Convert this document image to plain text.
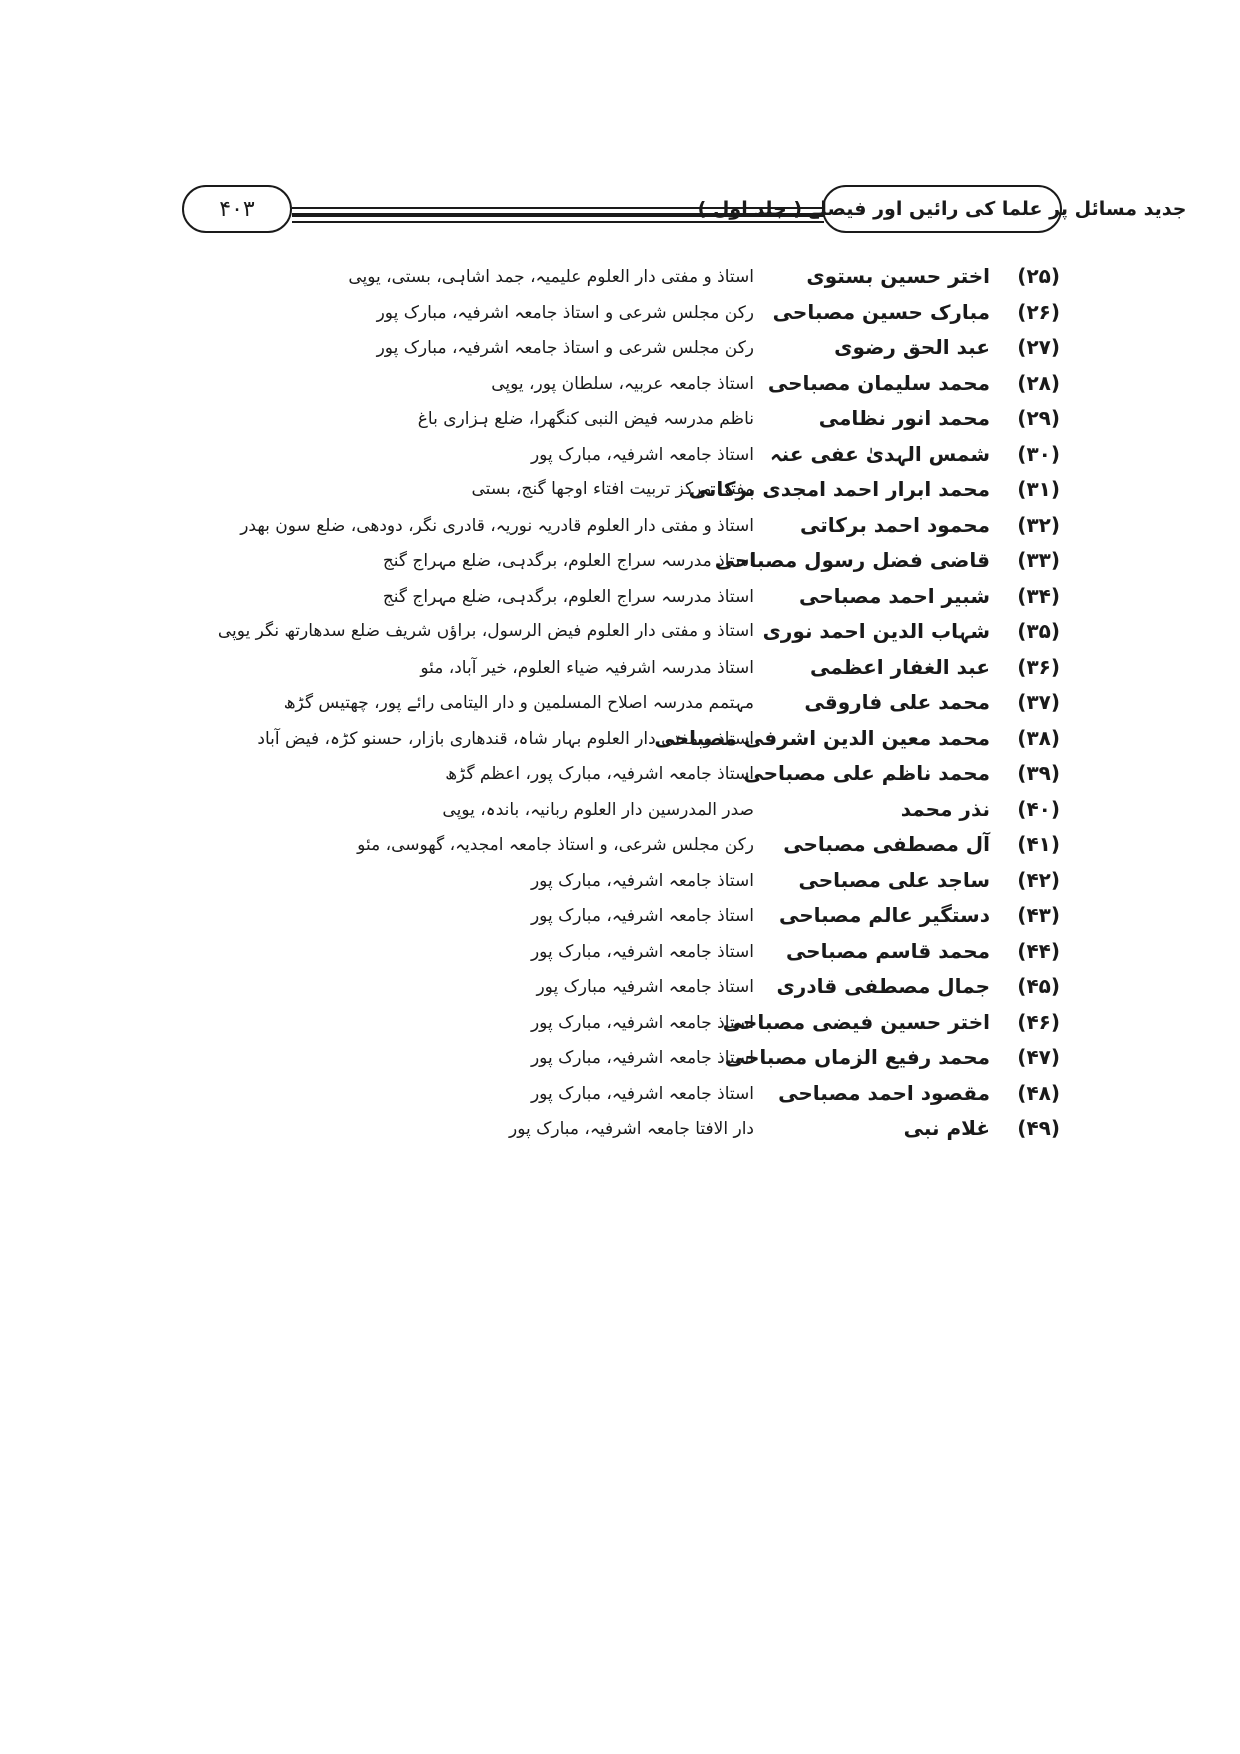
۴۰۳	جدید مسائل پر علما کی رائیں اور فیصلے ( جلد اول )
(۲۵)
اختر حسین بستوی
استاذ و مفتی دار العلوم علیمیہ، جمد اشاہی، بستی، یوپی
(۲۶)
مبارک حسین مصباحی
رکن مجلس شرعی و استاذ جامعہ اشرفیہ، مبارک پور
(۲۷)
عبد الحق رضوی
رکن مجلس شرعی و استاذ جامعہ اشرفیہ، مبارک پور
(۲۸)
محمد سلیمان مصباحی
استاذ جامعہ عربیہ، سلطان پور، یوپی
(۲۹)
محمد انور نظامی
ناظم مدرسہ فیض النبی کنگھرا، ضلع ہزاری باغ
(۳۰)
شمس الہدیٰ عفی عنہ
استاذ جامعہ اشرفیہ، مبارک پور
(۳۱)
محمد ابرار احمد امجدی برکاتی
مفتی مرکز تربیت افتاء اوجھا گنج، بستی
(۳۲)
محمود احمد برکاتی
استاذ و مفتی دار العلوم قادریہ نوریہ، قادری نگر، دودھی، ضلع سون بھدر
(۳۳)
قاضی فضل رسول مصباحی
استاذ مدرسہ سراج العلوم، برگدہی، ضلع مہراج گنج
(۳۴)
شبیر احمد مصباحی
استاذ مدرسہ سراج العلوم، برگدہی، ضلع مہراج گنج
(۳۵)
شہاب الدین احمد نوری
استاذ و مفتی دار العلوم فیض الرسول، براؤں شریف ضلع سدھارتھ نگر یوپی
(۳۶)
عبد الغفار اعظمی
استاذ مدرسہ اشرفیہ ضیاء العلوم، خیر آباد، مئو
(۳۷)
محمد علی فاروقی
مہتمم مدرسہ اصلاح المسلمین و دار الیتامی رائے پور، چھتیس گڑھ
(۳۸)
محمد معین الدین اشرفی مصباحی
استاذ و مفتی دار العلوم بہار شاہ، قندھاری بازار، حسنو کڑہ، فیض آباد
(۳۹)
محمد ناظم علی مصباحی
استاذ جامعہ اشرفیہ، مبارک پور، اعظم گڑھ
(۴۰)
نذر محمد
صدر المدرسین دار العلوم ربانیہ، باندہ، یوپی
(۴۱)
آل مصطفی مصباحی
رکن مجلس شرعی، و استاذ جامعہ امجدیہ، گھوسی، مئو
(۴۲)
ساجد علی مصباحی
استاذ جامعہ اشرفیہ، مبارک پور
(۴۳)
دستگیر عالم مصباحی
استاذ جامعہ اشرفیہ، مبارک پور
(۴۴)
محمد قاسم مصباحی
استاذ جامعہ اشرفیہ، مبارک پور
(۴۵)
جمال مصطفی قادری
استاذ جامعہ اشرفیہ مبارک پور
(۴۶)
اختر حسین فیضی مصباحی
استاذ جامعہ اشرفیہ، مبارک پور
(۴۷)
محمد رفیع الزماں مصباحی
استاذ جامعہ اشرفیہ، مبارک پور
(۴۸)
مقصود احمد مصباحی
استاذ جامعہ اشرفیہ، مبارک پور
(۴۹)
غلام نبی
دار الافتا جامعہ اشرفیہ، مبارک پور
